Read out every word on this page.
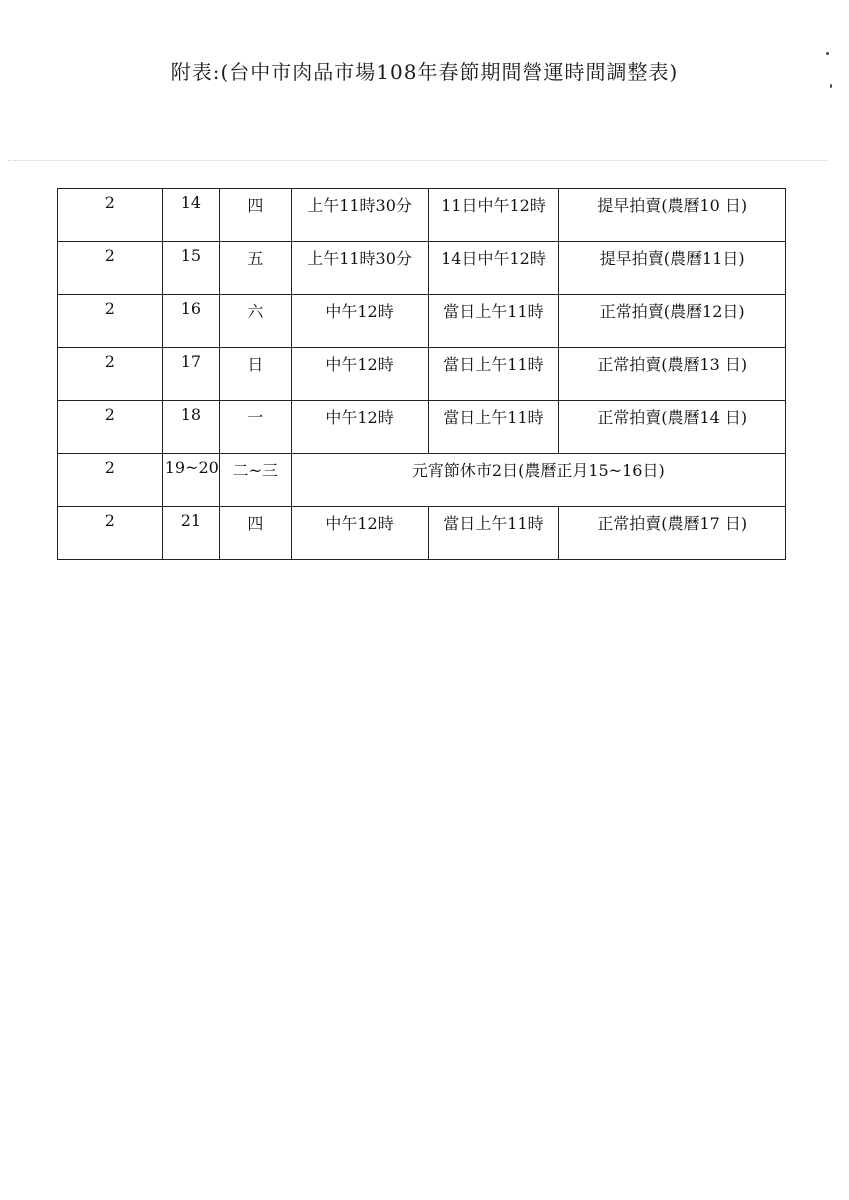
附表:(台中市肉品市場108年春節期間營運時間調整表)
2	14	四	上午11時30分	11日中午12時	提早拍賣(農曆10 日)
2	15	五	上午11時30分	14日中午12時	提早拍賣(農曆11日)
2	16	六	中午12時	當日上午11時	正常拍賣(農曆12日)
2	17	日	中午12時	當日上午11時	正常拍賣(農曆13 日)
2	18	一	中午12時	當日上午11時	正常拍賣(農曆14 日)
2	19~20	二~三	元宵節休市2日(農曆正月15~16日)		
2	21	四	中午12時	當日上午11時	正常拍賣(農曆17 日)
